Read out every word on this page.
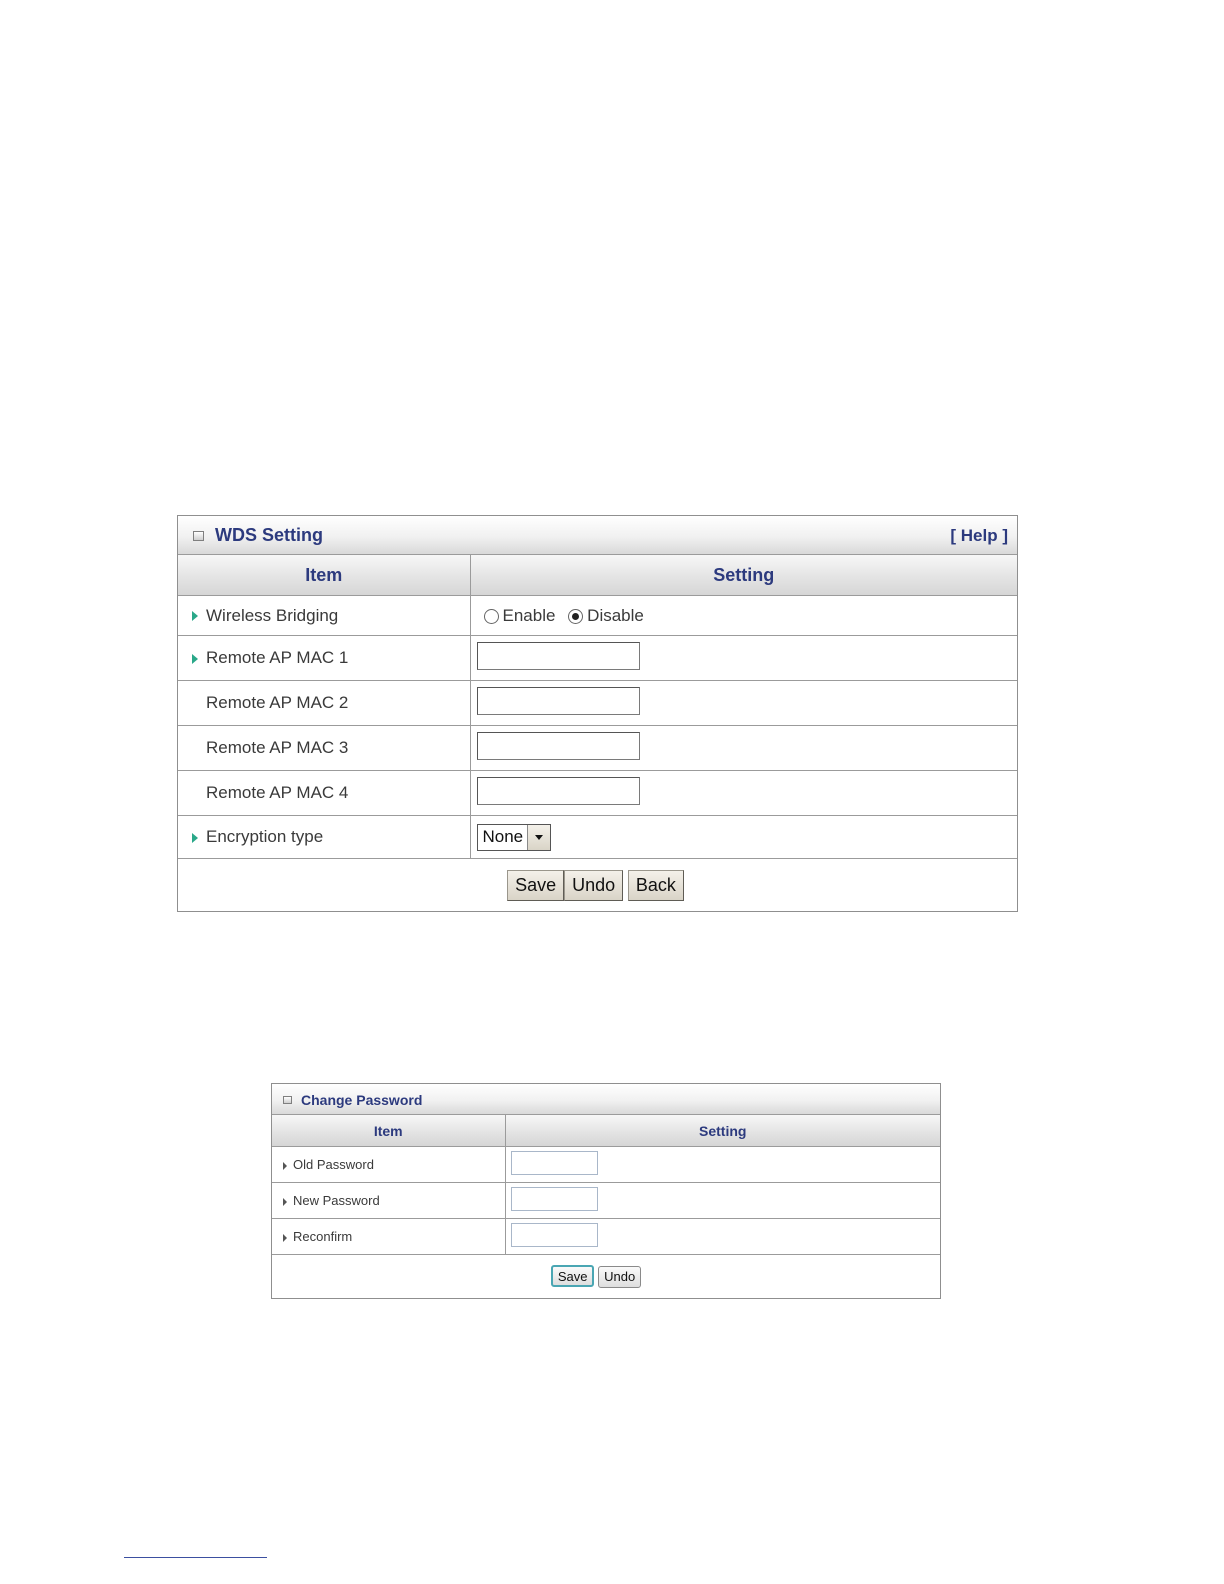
WDS Setting	[ Help ]
Item	Setting
Wireless Bridging	Enable Disable
Remote AP MAC 1	
Remote AP MAC 2	
Remote AP MAC 3	
Remote AP MAC 4	
Encryption type	None

Save Undo Back	
Change Password
Item	Setting
Old Password	
New Password	
Reconfirm	
Save Undo	
